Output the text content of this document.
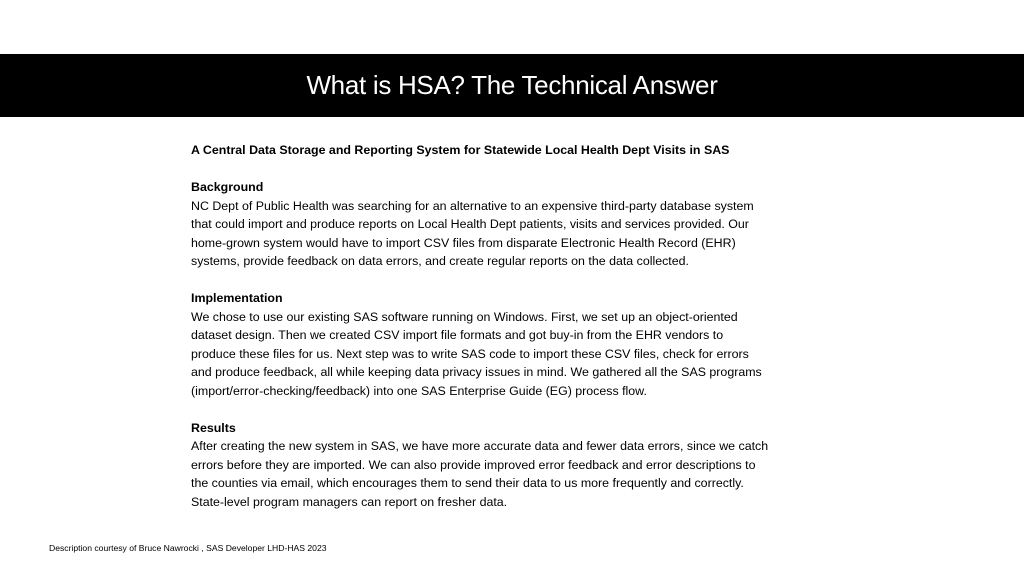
What is HSA? The Technical Answer

A Central Data Storage and Reporting System for Statewide Local Health Dept Visits in SAS

Background

NC Dept of Public Health was searching for an alternative to an expensive third-party database system
that could import and produce reports on Local Health Dept patients, visits and services provided. Our
home-grown system would have to import CSV files from disparate Electronic Health Record (EHR)
systems, provide feedback on data errors, and create regular reports on the data collected.

Implementation

We chose to use our existing SAS software running on Windows. First, we set up an object-oriented
dataset design. Then we created CSV import file formats and got buy-in from the EHR vendors to
produce these files for us. Next step was to write SAS code to import these CSV files, check for errors
and produce feedback, all while keeping data privacy issues in mind. We gathered all the SAS programs
(import/error-checking/feedback) into one SAS Enterprise Guide (EG) process flow.

Results

After creating the new system in SAS, we have more accurate data and fewer data errors, since we catch
errors before they are imported. We can also provide improved error feedback and error descriptions to
the counties via email, which encourages them to send their data to us more frequently and correctly.
State-level program managers can report on fresher data.
Description courtesy of Bruce Nawrocki , SAS Developer LHD-HAS 2023
